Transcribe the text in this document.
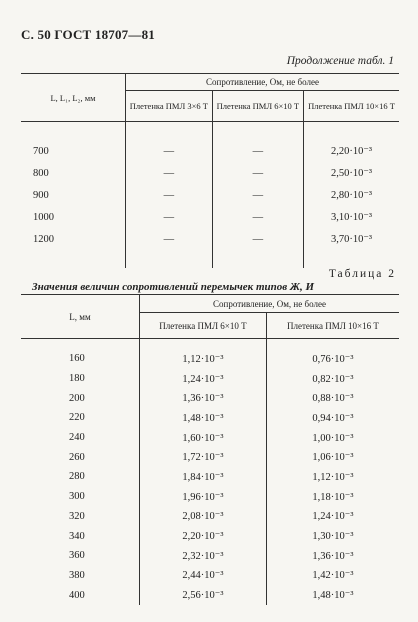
С. 50 ГОСТ 18707—81
Продолжение табл. 1
L, L₁, L₂, мм	Сопротивление, Ом, не более		
	Плетенка ПМЛ 3×6 Т	Плетенка ПМЛ 6×10 Т	Плетенка ПМЛ 10×16 Т

700	—	—	2,20·10⁻³
800	—	—	2,50·10⁻³
900	—	—	2,80·10⁻³
1000	—	—	3,10·10⁻³
1200	—	—	3,70·10⁻³

Таблица 2
Значения величин сопротивлений перемычек типов Ж, И
L, мм	Сопротивление, Ом, не более	
	Плетенка ПМЛ 6×10 Т	Плетенка ПМЛ 10×16 Т

160	1,12·10⁻³	0,76·10⁻³
180	1,24·10⁻³	0,82·10⁻³
200	1,36·10⁻³	0,88·10⁻³
220	1,48·10⁻³	0,94·10⁻³
240	1,60·10⁻³	1,00·10⁻³
260	1,72·10⁻³	1,06·10⁻³
280	1,84·10⁻³	1,12·10⁻³
300	1,96·10⁻³	1,18·10⁻³
320	2,08·10⁻³	1,24·10⁻³
340	2,20·10⁻³	1,30·10⁻³
360	2,32·10⁻³	1,36·10⁻³
380	2,44·10⁻³	1,42·10⁻³
400	2,56·10⁻³	1,48·10⁻³
